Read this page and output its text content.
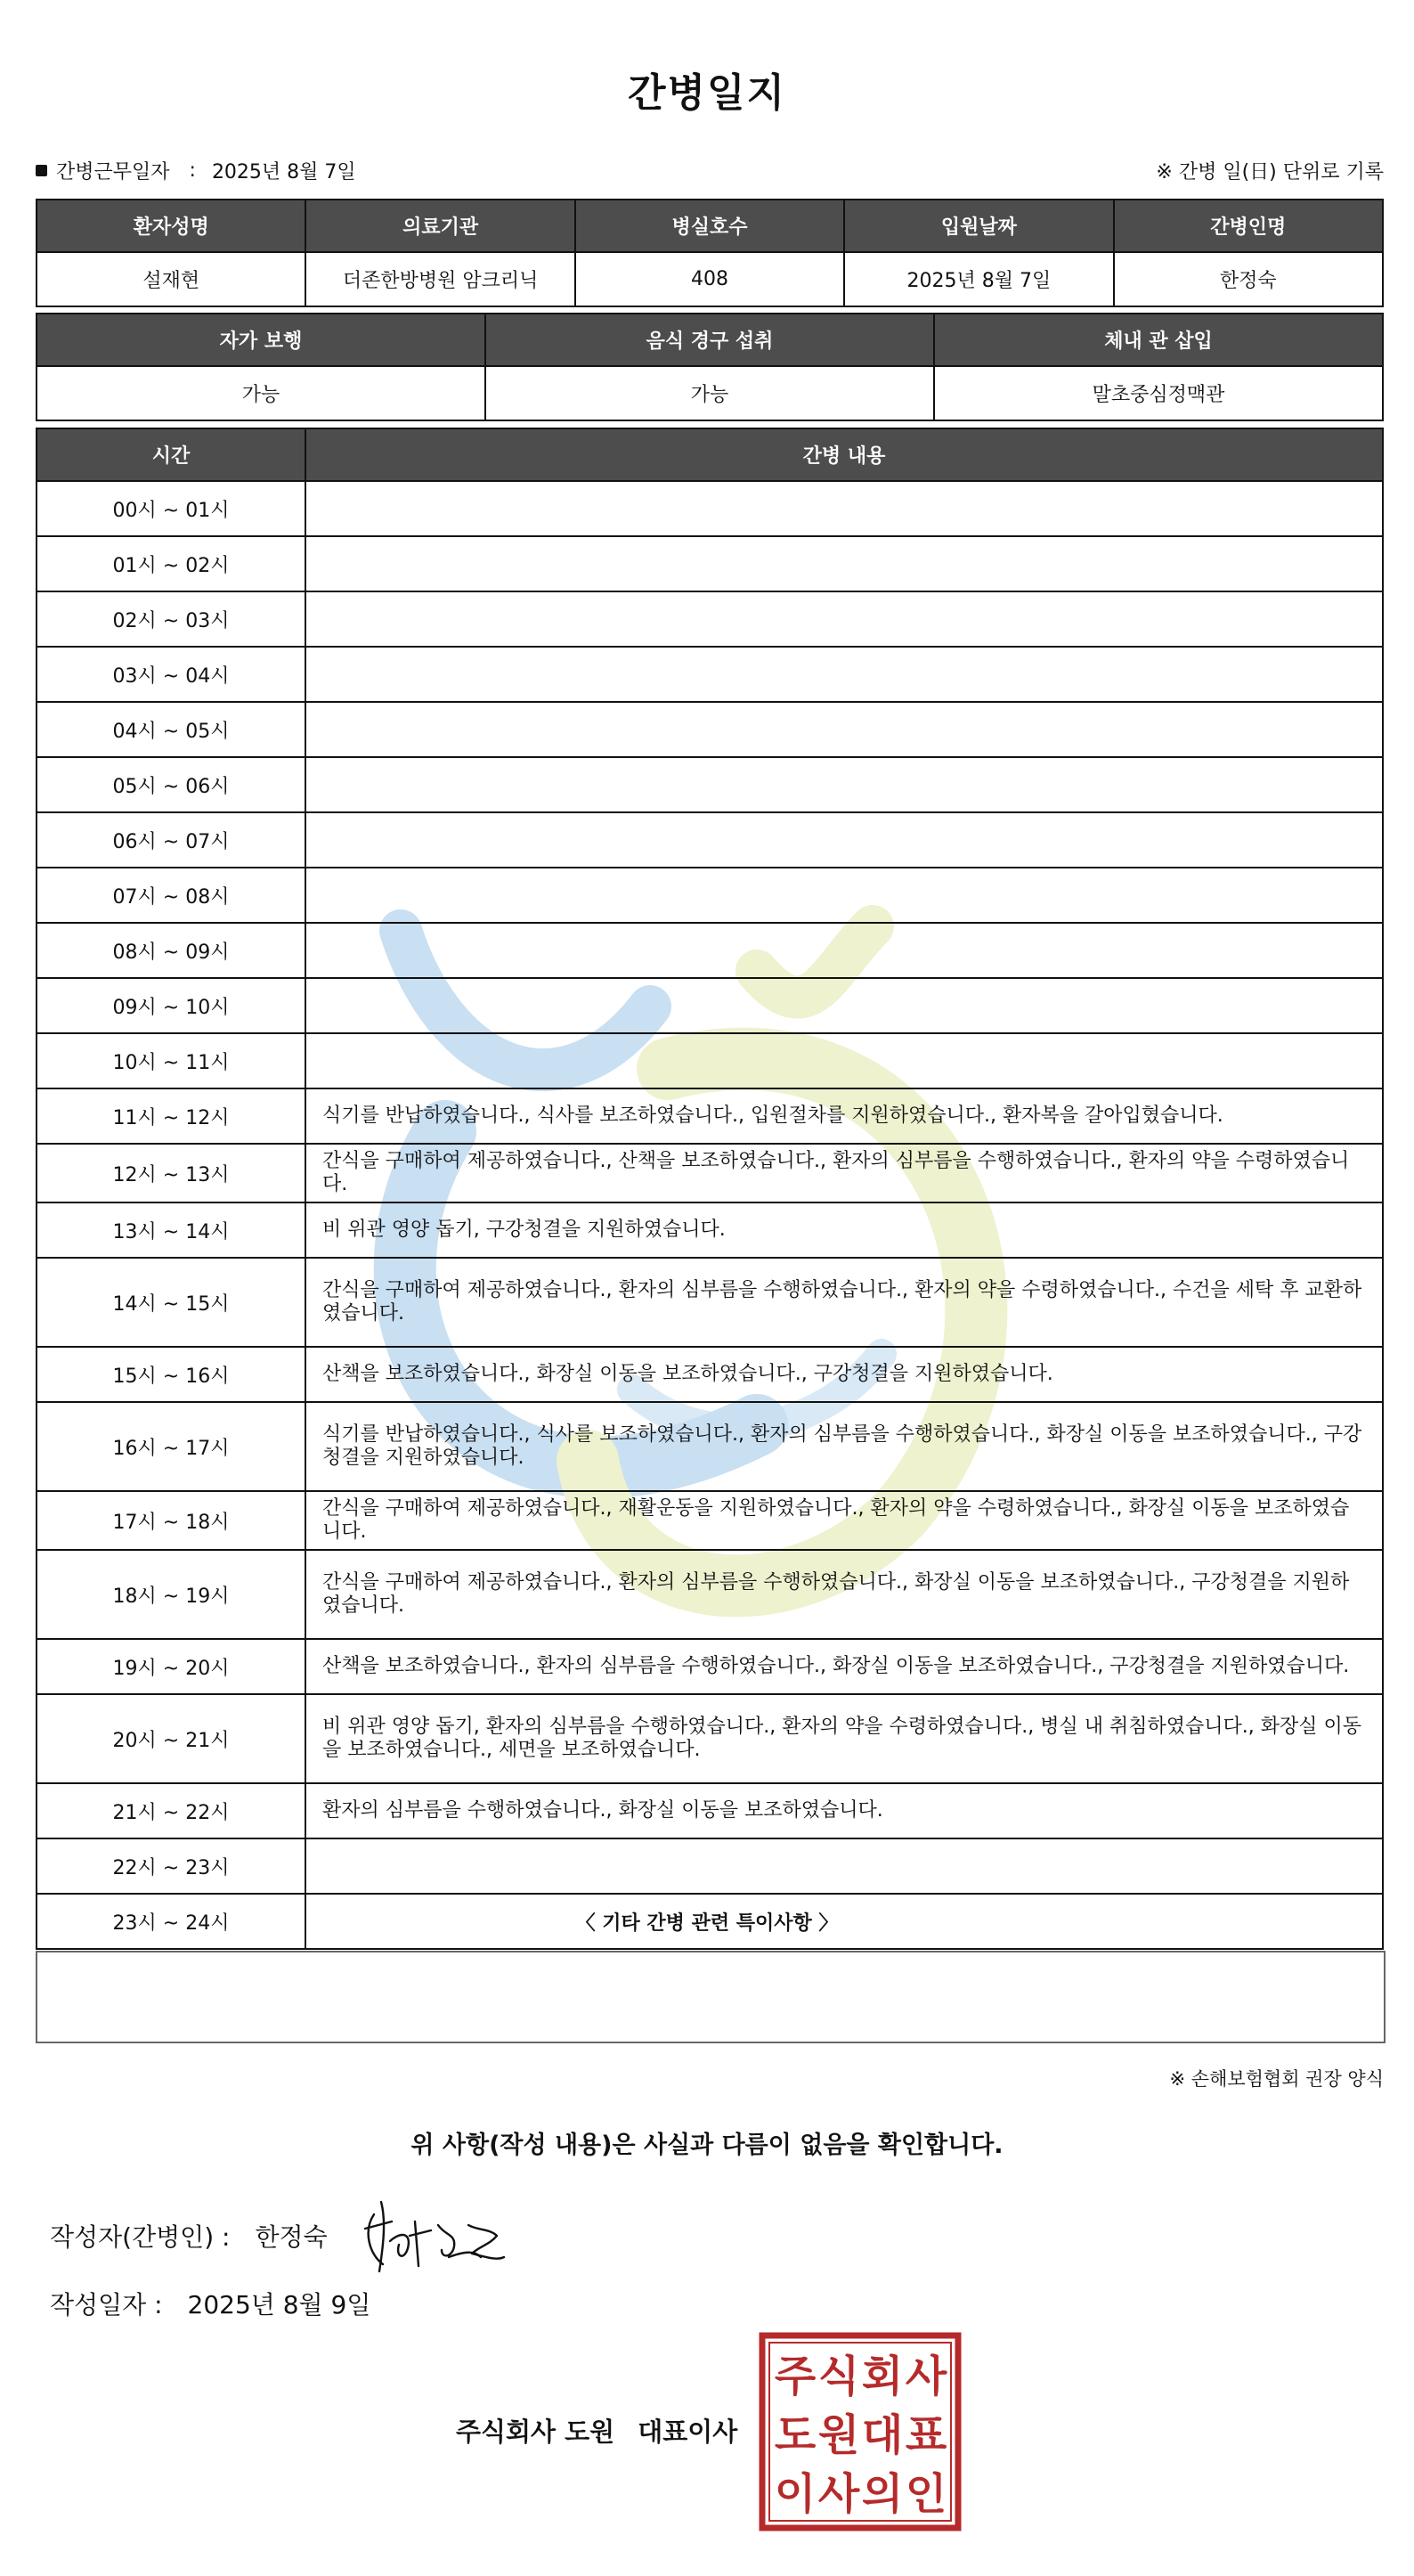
간병일지
간병근무일자 : 2025년 8월 7일	※ 간병 일(日) 단위로 기록
환자성명	의료기관	병실호수	입원날짜	간병인명
설재현	더존한방병원 암크리닉	408	2025년 8월 7일	한정숙
자가 보행	음식 경구 섭취	체내 관 삽입
가능	가능	말초중심정맥관
시간	간병 내용
00시 ~ 01시	
01시 ~ 02시	
02시 ~ 03시	
03시 ~ 04시	
04시 ~ 05시	
05시 ~ 06시	
06시 ~ 07시	
07시 ~ 08시	
08시 ~ 09시	
09시 ~ 10시	
10시 ~ 11시	
11시 ~ 12시	식기를 반납하였습니다., 식사를 보조하였습니다., 입원절차를 지원하였습니다., 환자복을 갈아입혔습니다.
12시 ~ 13시	간식을 구매하여 제공하였습니다., 산책을 보조하였습니다., 환자의 심부름을 수행하였습니다., 환자의 약을 수령하였습니다.
13시 ~ 14시	비 위관 영양 돕기, 구강청결을 지원하였습니다.
14시 ~ 15시	간식을 구매하여 제공하였습니다., 환자의 심부름을 수행하였습니다., 환자의 약을 수령하였습니다., 수건을 세탁 후 교환하였습니다.
15시 ~ 16시	산책을 보조하였습니다., 화장실 이동을 보조하였습니다., 구강청결을 지원하였습니다.
16시 ~ 17시	식기를 반납하였습니다., 식사를 보조하였습니다., 환자의 심부름을 수행하였습니다., 화장실 이동을 보조하였습니다., 구강청결을 지원하였습니다.
17시 ~ 18시	간식을 구매하여 제공하였습니다., 재활운동을 지원하였습니다., 환자의 약을 수령하였습니다., 화장실 이동을 보조하였습니다.
18시 ~ 19시	간식을 구매하여 제공하였습니다., 환자의 심부름을 수행하였습니다., 화장실 이동을 보조하였습니다., 구강청결을 지원하였습니다.
19시 ~ 20시	산책을 보조하였습니다., 환자의 심부름을 수행하였습니다., 화장실 이동을 보조하였습니다., 구강청결을 지원하였습니다.
20시 ~ 21시	비 위관 영양 돕기, 환자의 심부름을 수행하였습니다., 환자의 약을 수령하였습니다., 병실 내 취침하였습니다., 화장실 이동을 보조하였습니다., 세면을 보조하였습니다.
21시 ~ 22시	환자의 심부름을 수행하였습니다., 화장실 이동을 보조하였습니다.
22시 ~ 23시	
23시 ~ 24시		〈 기타 간병 관련 특이사항 〉
※ 손해보험협회 권장 양식
위 사항(작성 내용)은 사실과 다름이 없음을 확인합니다.
작성자(간병인) : 한정숙
작성일자 : 2025년 8월 9일
주식회사 도원 대표이사
주 식 회 사
도 원 대 표
이 사 의 인
